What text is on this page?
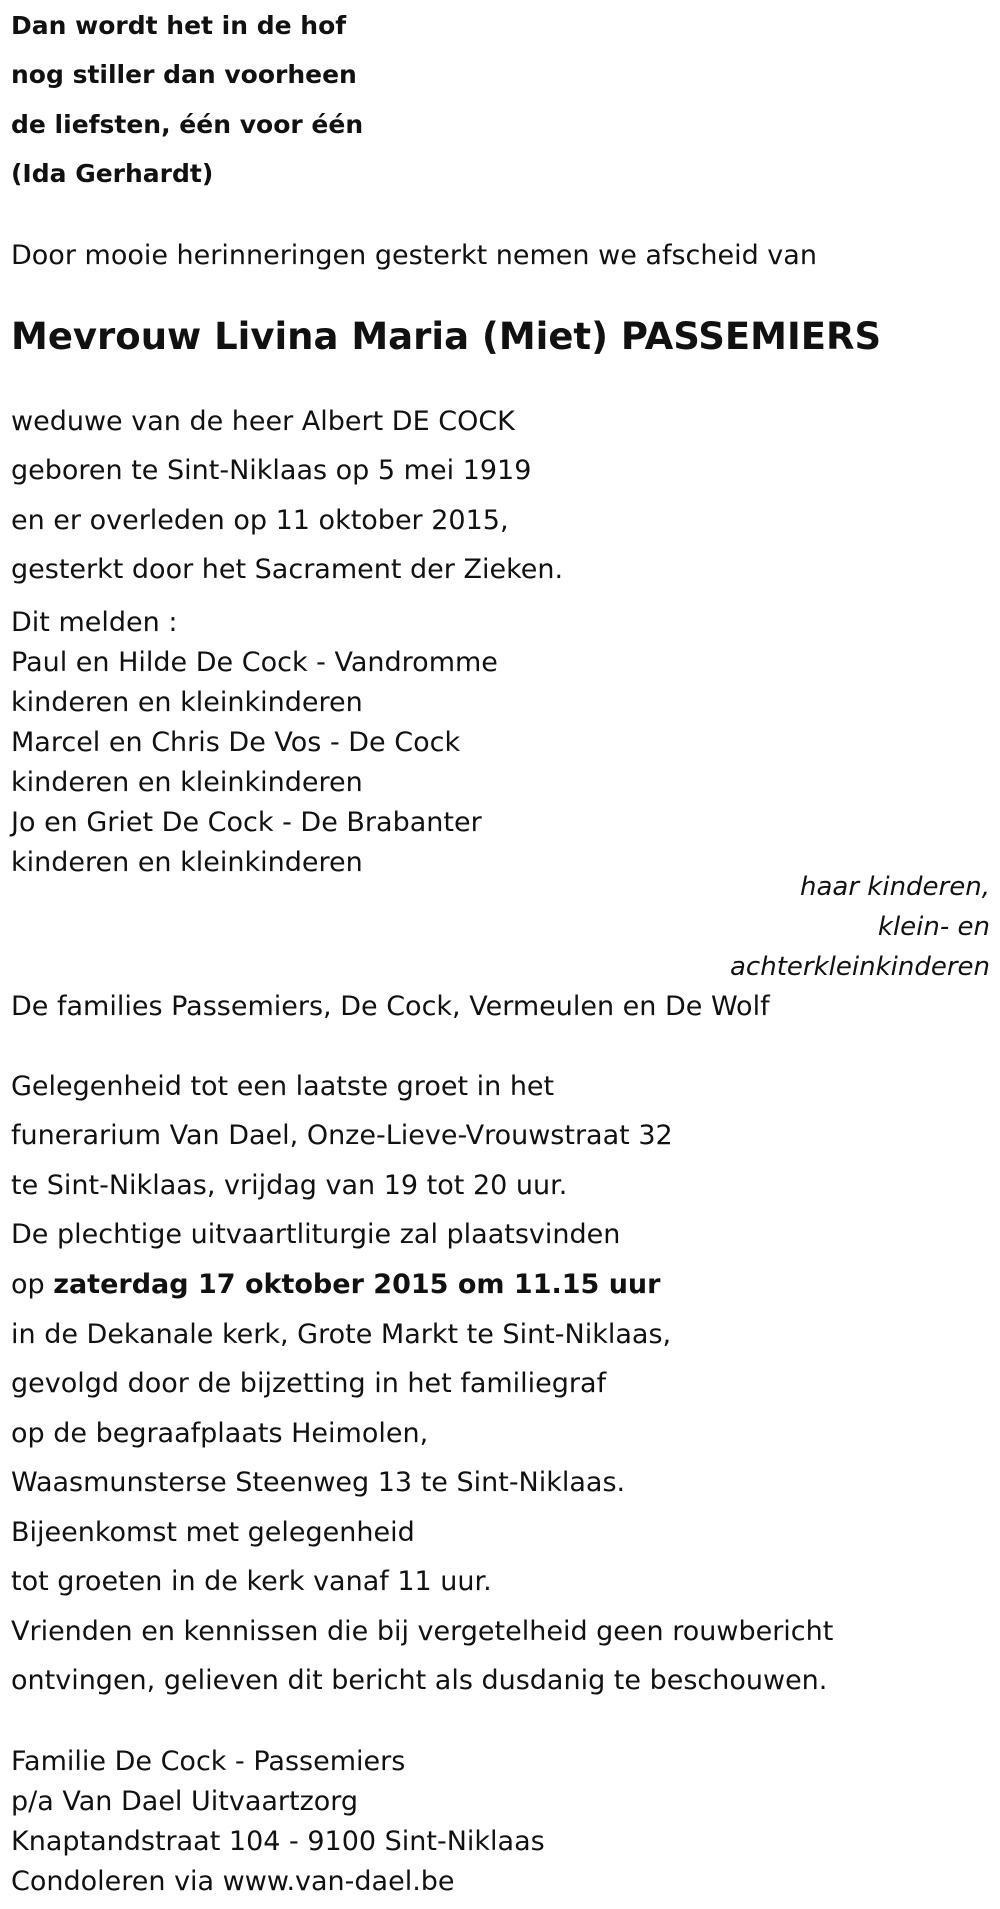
Dan wordt het in de hof
nog stiller dan voorheen
de liefsten, één voor één
(Ida Gerhardt)
Door mooie herinneringen gesterkt nemen we afscheid van
Mevrouw Livina Maria (Miet) PASSEMIERS
weduwe van de heer Albert DE COCK
geboren te Sint-Niklaas op 5 mei 1919
en er overleden op 11 oktober 2015,
gesterkt door het Sacrament der Zieken.
Dit melden :
Paul en Hilde De Cock - Vandromme
kinderen en kleinkinderen
Marcel en Chris De Vos - De Cock
kinderen en kleinkinderen
Jo en Griet De Cock - De Brabanter
kinderen en kleinkinderen
haar kinderen,
klein- en
achterkleinkinderen
De families Passemiers, De Cock, Vermeulen en De Wolf
Gelegenheid tot een laatste groet in het
funerarium Van Dael, Onze-Lieve-Vrouwstraat 32
te Sint-Niklaas, vrijdag van 19 tot 20 uur.
De plechtige uitvaartliturgie zal plaatsvinden
op zaterdag 17 oktober 2015 om 11.15 uur
in de Dekanale kerk, Grote Markt te Sint-Niklaas,
gevolgd door de bijzetting in het familiegraf
op de begraafplaats Heimolen,
Waasmunsterse Steenweg 13 te Sint-Niklaas.
Bijeenkomst met gelegenheid
tot groeten in de kerk vanaf 11 uur.
Vrienden en kennissen die bij vergetelheid geen rouwbericht
ontvingen, gelieven dit bericht als dusdanig te beschouwen.
Familie De Cock - Passemiers
p/a Van Dael Uitvaartzorg
Knaptandstraat 104 - 9100 Sint-Niklaas
Condoleren via www.van-dael.be
